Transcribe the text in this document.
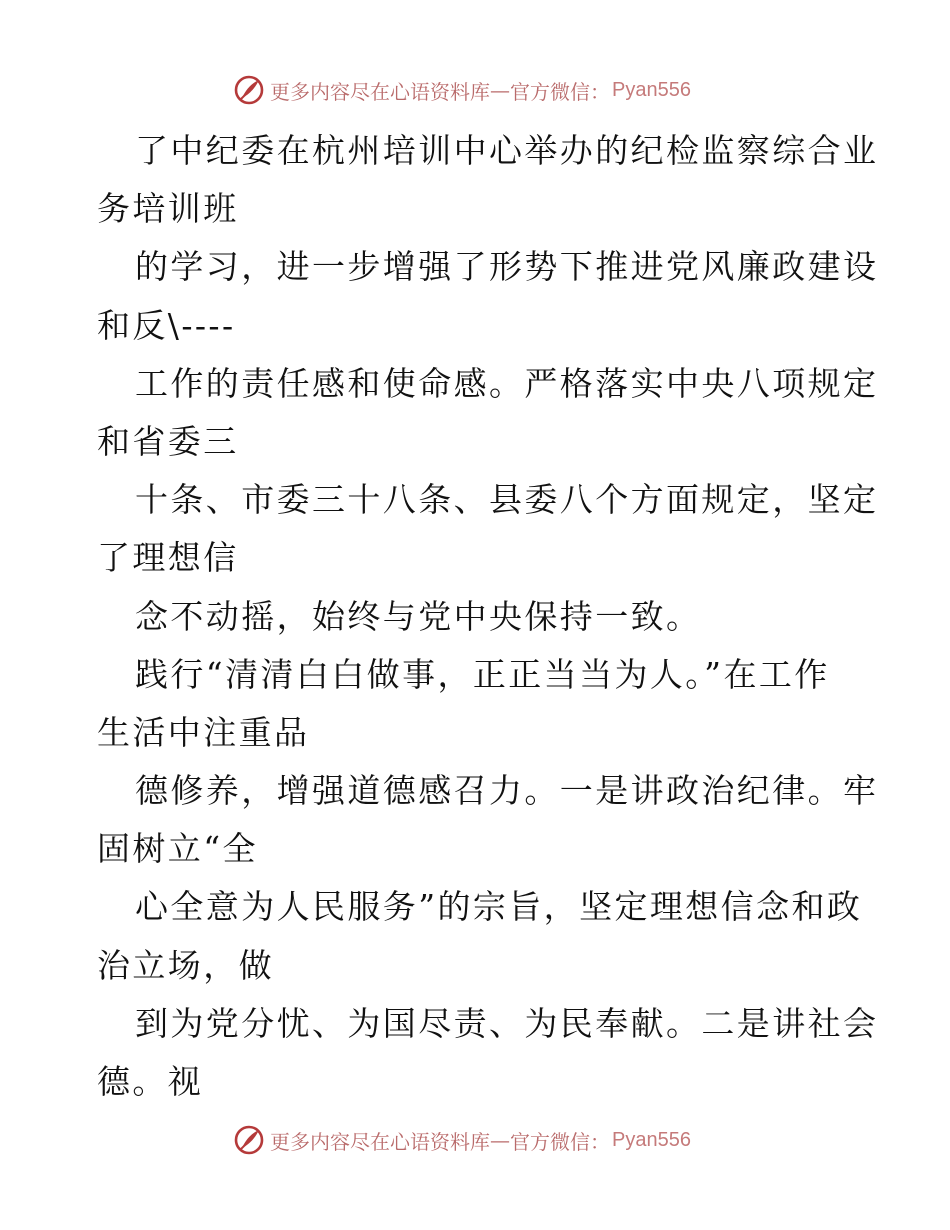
更多内容尽在心语资料库 — 官方微信： Pyan556
了中纪委在杭州培训中心举办的纪检监察综合业
务培训班
的学习，进一步增强了形势下推进党风廉政建设
和反\----
工作的责任感和使命感。严格落实中央八项规定
和省委三
十条、市委三十八条、县委八个方面规定，坚定
了理想信
念不动摇，始终与党中央保持一致。
践行“清清白白做事，正正当当为人。”在工作
生活中注重品
德修养，增强道德感召力。一是讲政治纪律。牢
固树立“全
心全意为人民服务”的宗旨，坚定理想信念和政
治立场，做
到为党分忧、为国尽责、为民奉献。二是讲社会
德。视
更多内容尽在心语资料库 — 官方微信： Pyan556
